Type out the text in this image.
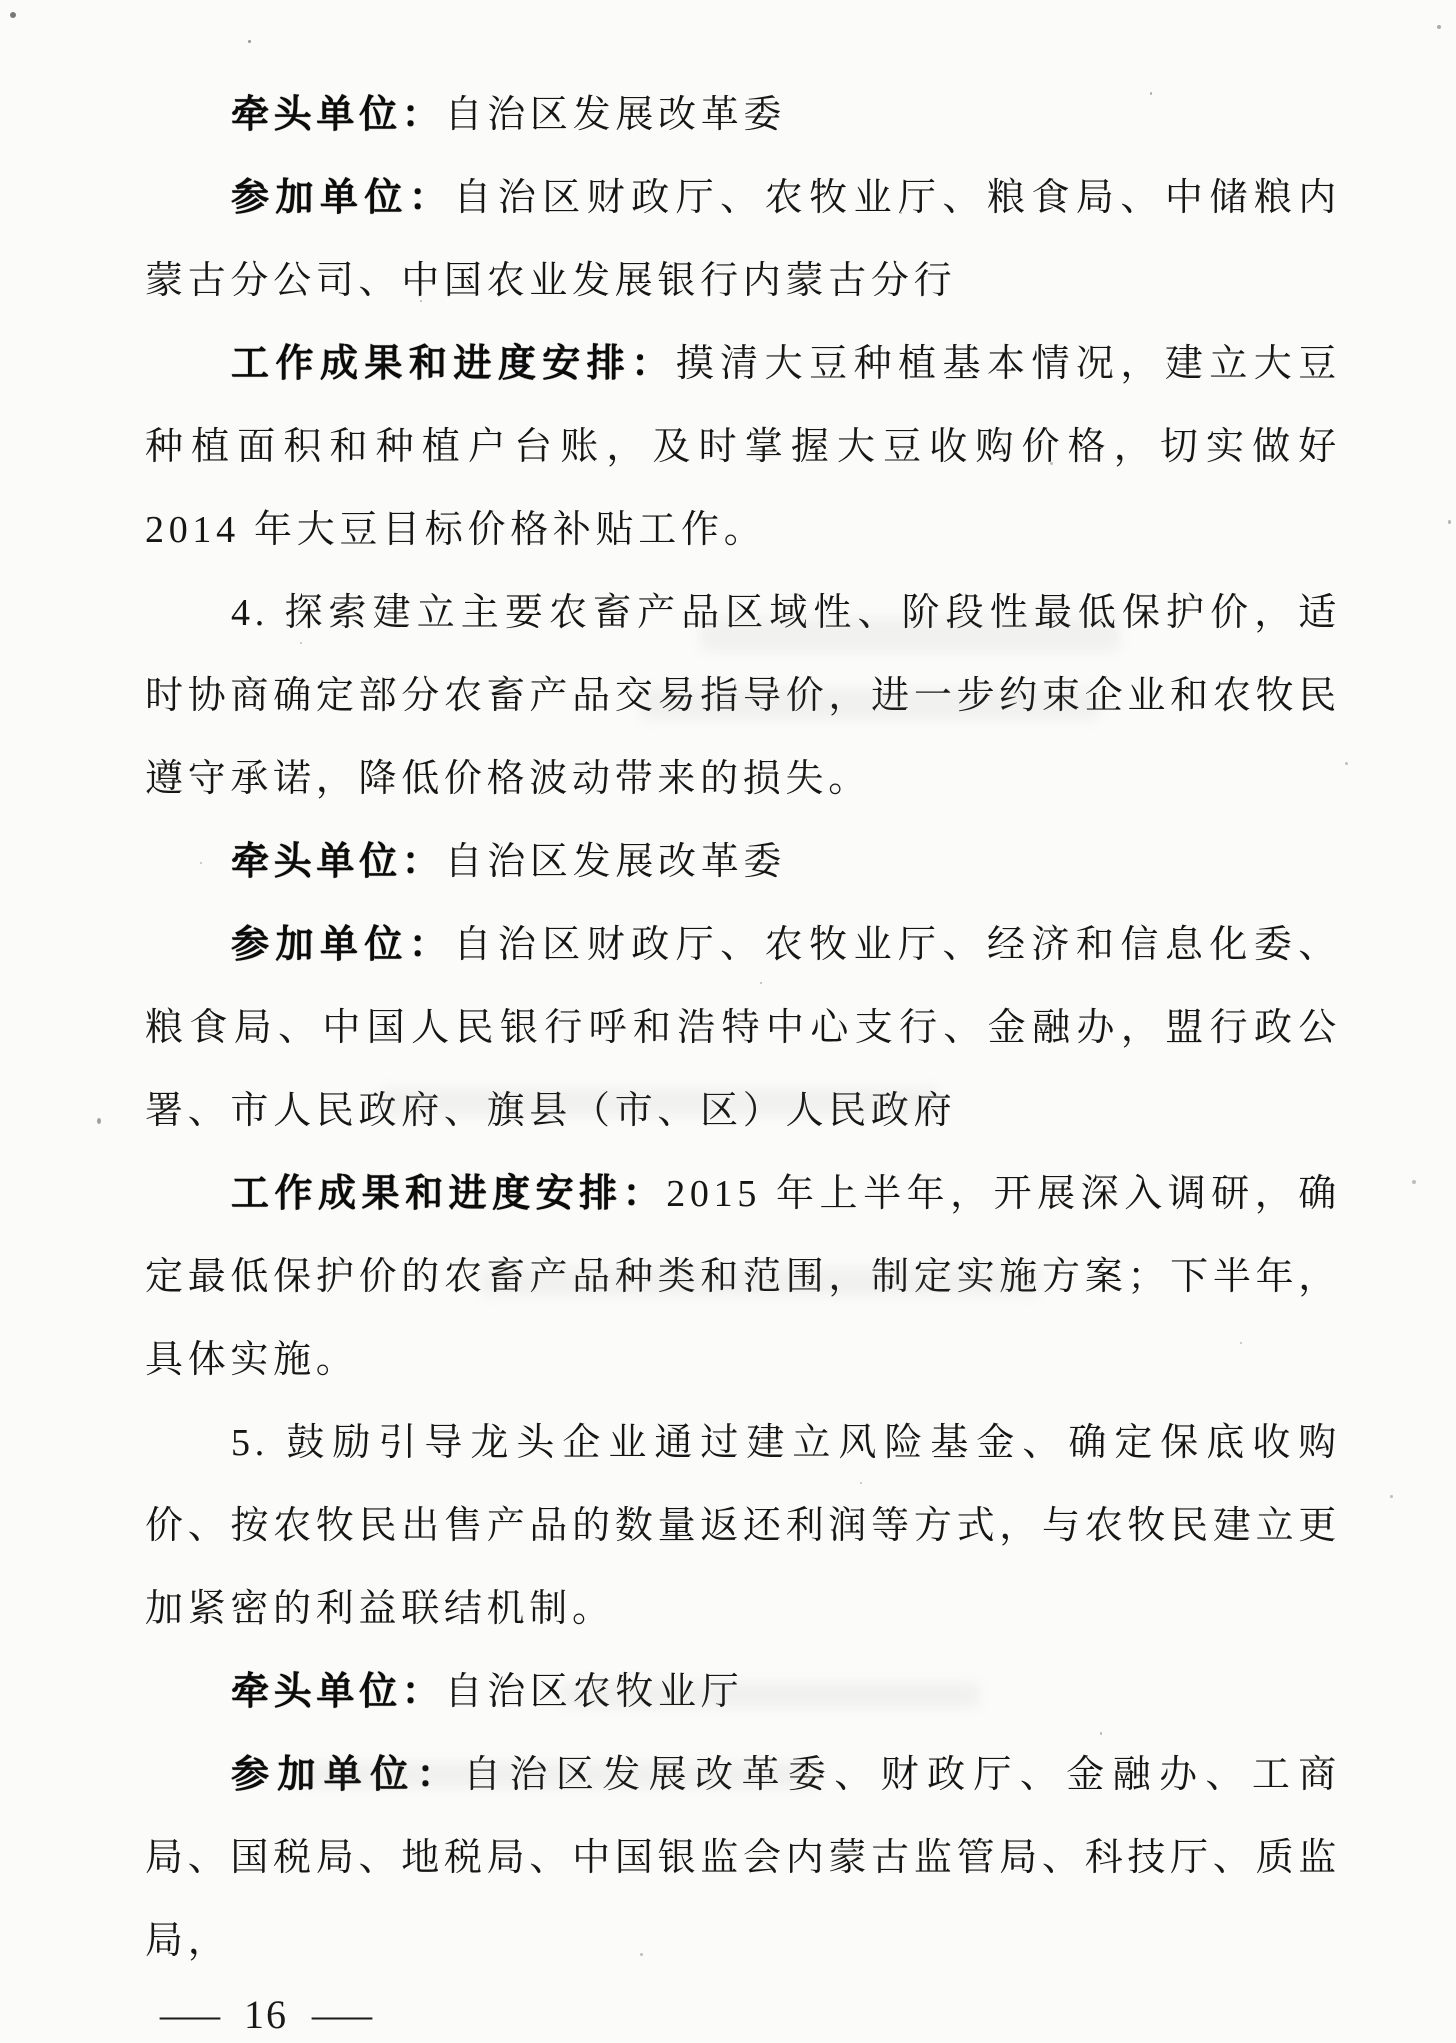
牵头单位：自治区发展改革委

参加单位：自治区财政厅、农牧业厅、粮食局、中储粮内蒙古分公司、中国农业发展银行内蒙古分行

工作成果和进度安排：摸清大豆种植基本情况，建立大豆种植面积和种植户台账，及时掌握大豆收购价格，切实做好 2014 年大豆目标价格补贴工作。

4. 探索建立主要农畜产品区域性、阶段性最低保护价，适时协商确定部分农畜产品交易指导价，进一步约束企业和农牧民遵守承诺，降低价格波动带来的损失。

牵头单位：自治区发展改革委

参加单位：自治区财政厅、农牧业厅、经济和信息化委、粮食局、中国人民银行呼和浩特中心支行、金融办，盟行政公署、市人民政府、旗县（市、区）人民政府

工作成果和进度安排：2015 年上半年，开展深入调研，确定最低保护价的农畜产品种类和范围，制定实施方案；下半年，具体实施。

5. 鼓励引导龙头企业通过建立风险基金、确定保底收购价、按农牧民出售产品的数量返还利润等方式，与农牧民建立更加紧密的利益联结机制。

牵头单位：自治区农牧业厅

参加单位：自治区发展改革委、财政厅、金融办、工商局、国税局、地税局、中国银监会内蒙古监管局、科技厅、质监局，

— 16 —
